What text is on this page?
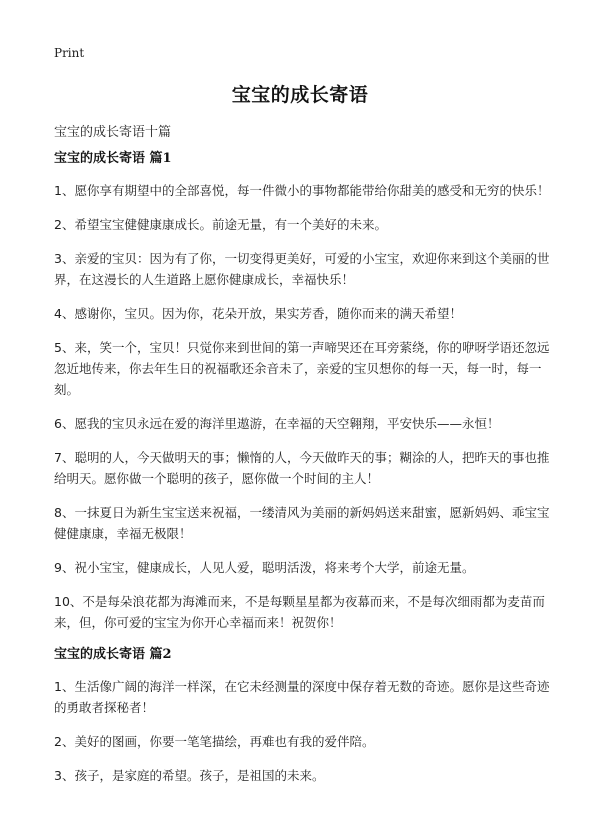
Print
宝宝的成长寄语
宝宝的成长寄语十篇
宝宝的成长寄语 篇1
1、愿你享有期望中的全部喜悦，每一件微小的事物都能带给你甜美的感受和无穷的快乐！
2、希望宝宝健健康康成长。前途无量，有一个美好的未来。
3、亲爱的宝贝：因为有了你，一切变得更美好，可爱的小宝宝，欢迎你来到这个美丽的世界，在这漫长的人生道路上愿你健康成长，幸福快乐！
4、感谢你，宝贝。因为你，花朵开放，果实芳香，随你而来的满天希望！
5、来，笑一个，宝贝！只觉你来到世间的第一声啼哭还在耳旁萦绕，你的咿呀学语还忽远忽近地传来，你去年生日的祝福歌还余音未了，亲爱的宝贝想你的每一天，每一时，每一刻。
6、愿我的宝贝永远在爱的海洋里遨游，在幸福的天空翱翔，平安快乐——永恒！
7、聪明的人，今天做明天的事；懒惰的人，今天做昨天的事；糊涂的人，把昨天的事也推给明天。愿你做一个聪明的孩子，愿你做一个时间的主人！
8、一抹夏日为新生宝宝送来祝福，一缕清风为美丽的新妈妈送来甜蜜，愿新妈妈、乖宝宝健健康康，幸福无极限！
9、祝小宝宝，健康成长，人见人爱，聪明活泼，将来考个大学，前途无量。
10、不是每朵浪花都为海滩而来，不是每颗星星都为夜幕而来，不是每次细雨都为麦苗而来，但，你可爱的宝宝为你开心幸福而来！祝贺你！
宝宝的成长寄语 篇2
1、生活像广阔的海洋一样深，在它未经测量的深度中保存着无数的奇迹。愿你是这些奇迹的勇敢者探秘者！
2、美好的图画，你要一笔笔描绘，再难也有我的爱伴陪。
3、孩子，是家庭的希望。孩子，是祖国的未来。
